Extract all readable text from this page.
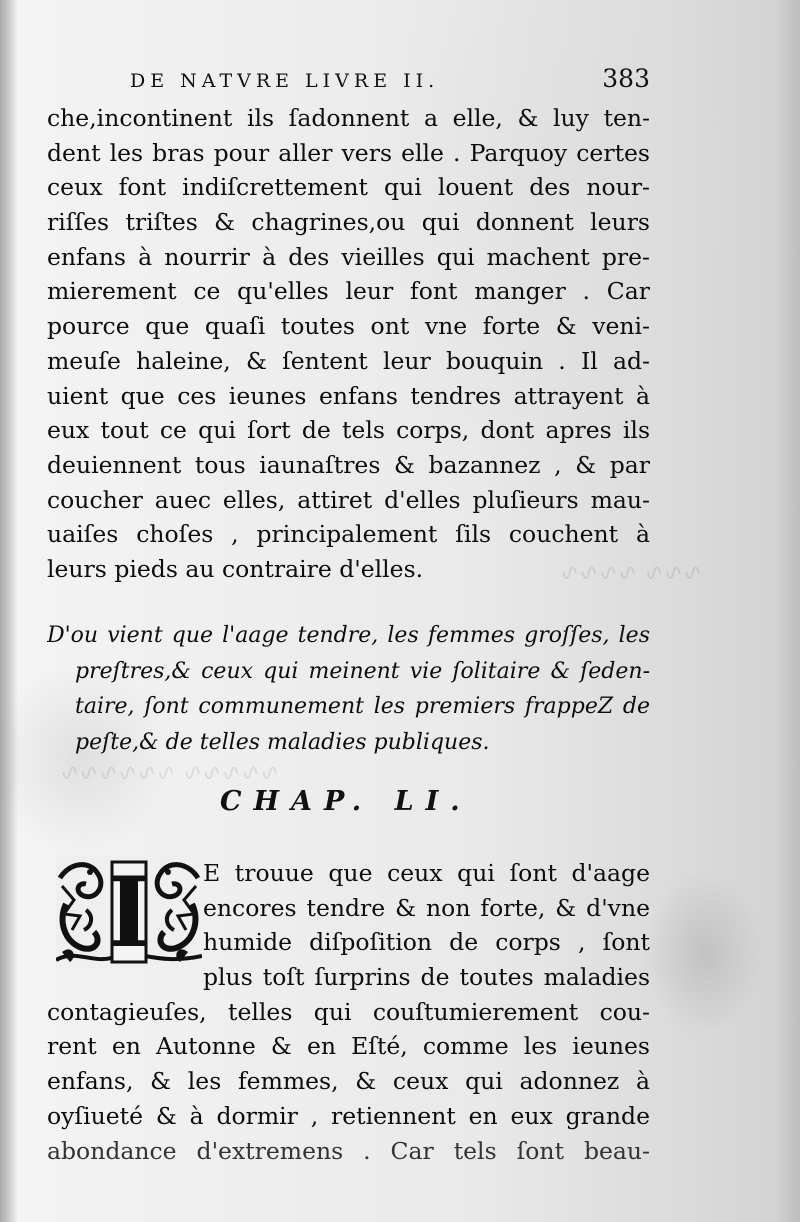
∿∿∿ ∿∿∿∿
∿∿∿∿∿ ∿∿∿∿∿∿
DE NATVRE LIVRE II.	383
che,incontinent ils ſadonnent a elle, & luy ten-
dent les bras pour aller vers elle . Parquoy certes
ceux font indiſcrettement qui louent des nour-
riſſes triſtes & chagrines,ou qui donnent leurs
enfans à nourrir à des vieilles qui machent pre-
mierement ce qu'elles leur font manger . Car
pource que quaſi toutes ont vne forte & veni-
meuſe haleine, & ſentent leur bouquin . Il ad-
uient que ces ieunes enfans tendres attrayent à
eux tout ce qui ſort de tels corps, dont apres ils
deuiennent tous iaunaſtres & bazannez , & par
coucher auec elles, attiret d'elles pluſieurs mau-
uaiſes choſes , principalement ſils couchent à
leurs pieds au contraire d'elles.
D'ou vient que l'aage tendre, les femmes groſſes, les
preſtres,& ceux qui meinent vie ſolitaire & ſeden-
taire, ſont communement les premiers frappeZ de
peſte,& de telles maladies publiques.
CHAP. LI.
I E trouue que ceux qui ſont d'aage
encores tendre & non forte, & d'vne
humide diſpoſition de corps , ſont
plus toſt ſurprins de toutes maladies
contagieuſes, telles qui couſtumierement cou-
rent en Autonne & en Eſté, comme les ieunes
enfans, & les femmes, & ceux qui adonnez à
oyſiueté & à dormir , retiennent en eux grande
abondance d'extremens . Car tels ſont beau-
